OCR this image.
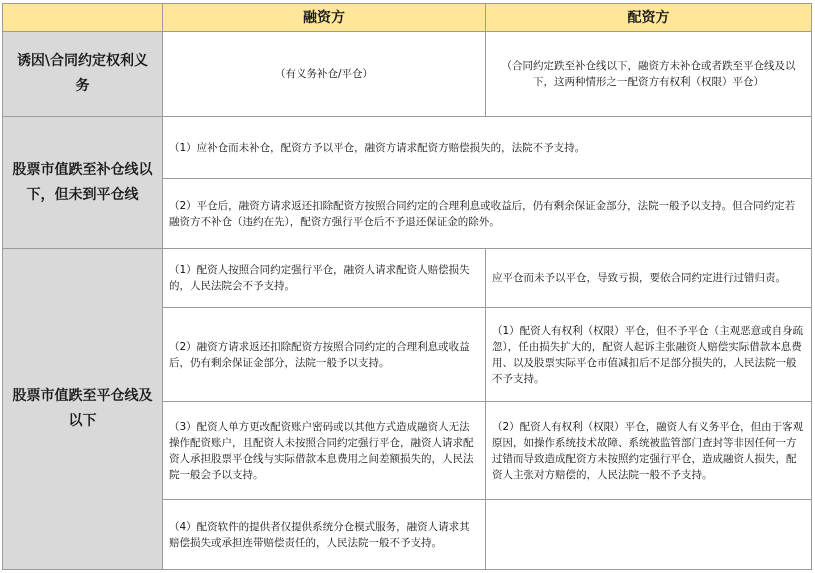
	融资方	配资方
诱因\合同约定权利义务	（有义务补仓/平仓）	（合同约定跌至补仓线以下，融资方未补仓或者跌至平仓线及以下，这两种情形之一配资方有权利（权限）平仓）
股票市值跌至补仓线以下，但未到平仓线	（1）应补仓而未补仓，配资方予以平仓，融资方请求配资方赔偿损失的，法院不予支持。	
	（2）平仓后，融资方请求返还扣除配资方按照合同约定的合理利息或收益后，仍有剩余保证金部分，法院一般予以支持。但合同约定若融资方不补仓（违约在先），配资方强行平仓后不予退还保证金的除外。	
股票市值跌至平仓线及以下	（1）配资人按照合同约定强行平仓，融资人请求配资人赔偿损失的，人民法院会不予支持。	应平仓而未予以平仓，导致亏损，要依合同约定进行过错归责。
	（2）融资方请求返还扣除配资方按照合同约定的合理利息或收益后，仍有剩余保证金部分，法院一般予以支持。	（1）配资人有权利（权限）平仓，但不予平仓（主观恶意或自身疏忽），任由损失扩大的，配资人起诉主张融资人赔偿实际借款本息费用、以及股票实际平仓市值减扣后不足部分损失的，人民法院一般不予支持。
	（3）配资人单方更改配资账户密码或以其他方式造成融资人无法操作配资账户，且配资人未按照合同约定强行平仓，融资人请求配资人承担股票平仓线与实际借款本息费用之间差额损失的，人民法院一般会予以支持。	（2）配资人有权利（权限）平仓，融资人有义务平仓，但由于客观原因，如操作系统技术故障、系统被监管部门查封等非因任何一方过错而导致造成配资方未按照约定强行平仓，造成融资人损失，配资人主张对方赔偿的，人民法院一般不予支持。
	（4）配资软件的提供者仅提供系统分仓模式服务，融资人请求其赔偿损失或承担连带赔偿责任的，人民法院一般不予支持。	
